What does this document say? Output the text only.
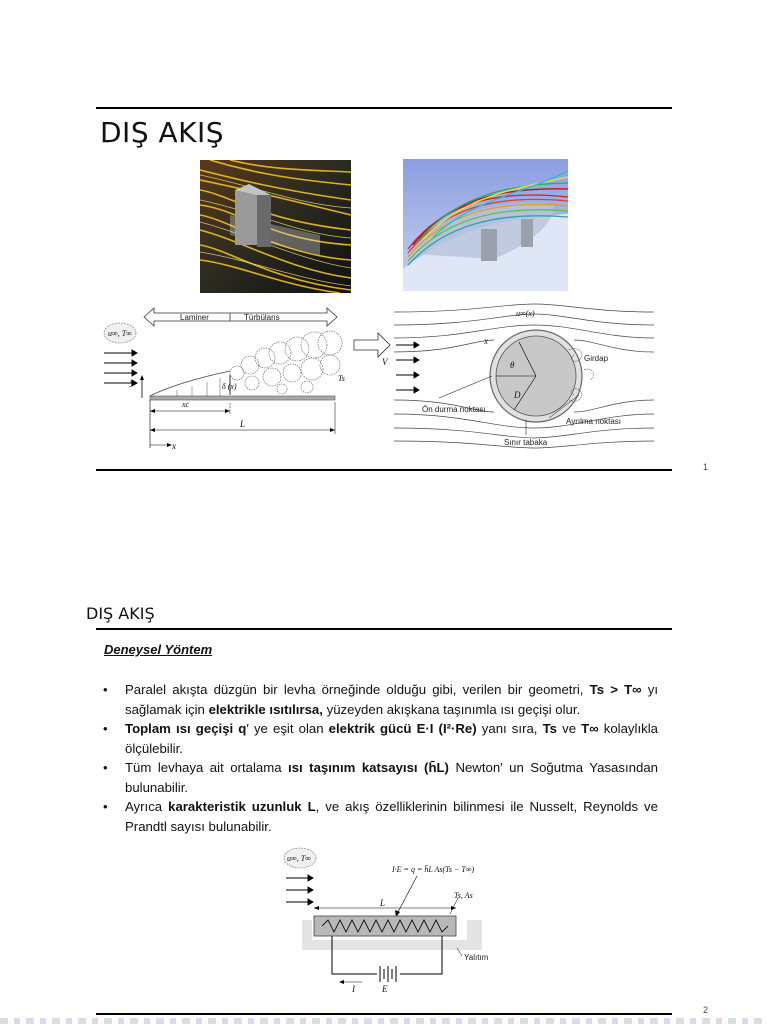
DIŞ AKIŞ
Laminer	Türbülans
u∞, T∞
y	δ (x)
Ts
xc
L
x
V	θ
D
x
u∞(x)
Girdap
Ön durma noktası
Ayrılma noktası
Sınır tabaka
1
DIŞ AKIŞ
Deneysel Yöntem
• Paralel akışta düzgün bir levha örneğinde olduğu gibi, verilen bir geometri, Ts > T∞ yı sağlamak için elektrikle ısıtılırsa, yüzeyden akışkana taşınımla ısı geçişi olur.
• Toplam ısı geçişi q′ ye eşit olan elektrik gücü E·I (I²·Re) yanı sıra, Ts ve T∞ kolaylıkla ölçülebilir.
• Tüm levhaya ait ortalama ısı taşınım katsayısı (h̄L) Newton′ un Soğutma Yasasından bulunabilir.
• Ayrıca karakteristik uzunluk L, ve akış özelliklerinin bilinmesi ile Nusselt, Reynolds ve Prandtl sayısı bulunabilir.
u∞, T∞
I·E = q = h̄L As(Ts − T∞)
L
Ts, As
E
I
Yalıtım
2
